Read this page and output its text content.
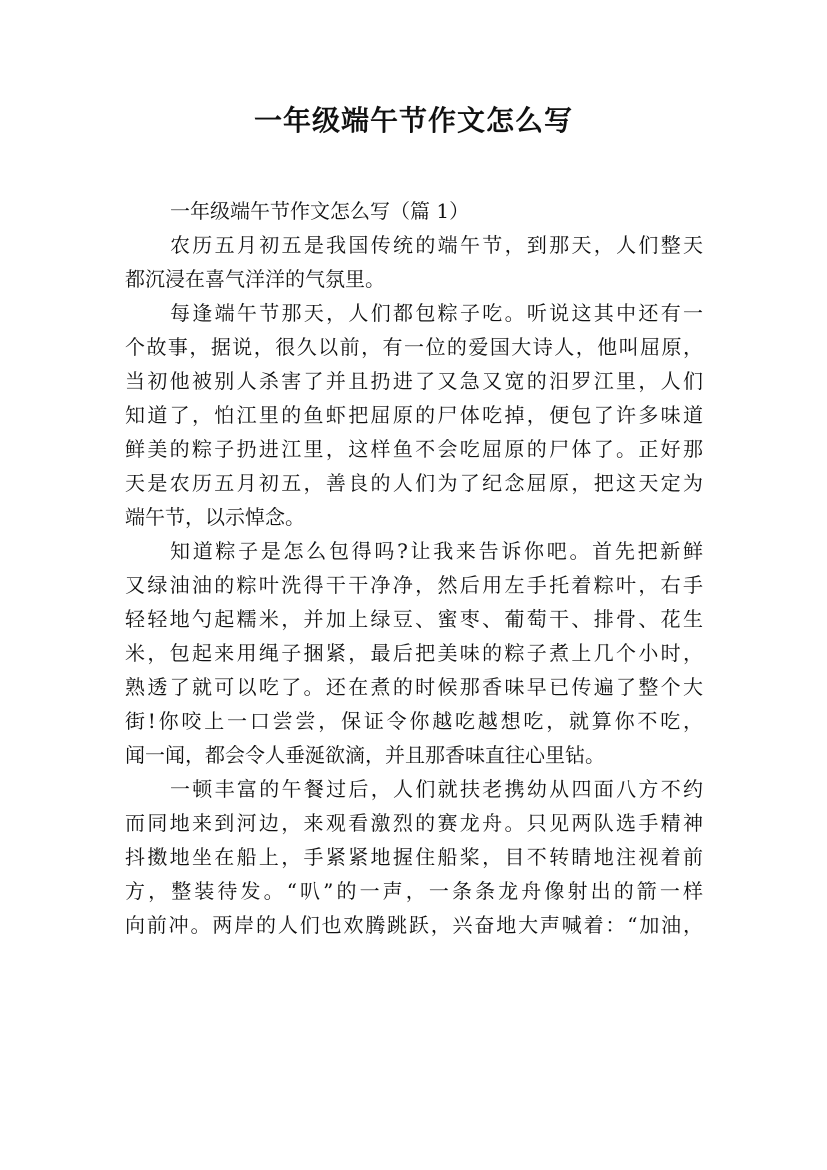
一年级端午节作文怎么写
一年级端午节作文怎么写（篇 1）
农历五月初五是我国传统的端午节，到那天，人们整天
都沉浸在喜气洋洋的气氛里。
每逢端午节那天，人们都包粽子吃。听说这其中还有一
个故事，据说，很久以前，有一位的爱国大诗人，他叫屈原，
当初他被别人杀害了并且扔进了又急又宽的汨罗江里，人们
知道了，怕江里的鱼虾把屈原的尸体吃掉，便包了许多味道
鲜美的粽子扔进江里，这样鱼不会吃屈原的尸体了。正好那
天是农历五月初五，善良的人们为了纪念屈原，把这天定为
端午节，以示悼念。
知道粽子是怎么包得吗?让我来告诉你吧。首先把新鲜
又绿油油的粽叶洗得干干净净，然后用左手托着粽叶，右手
轻轻地勺起糯米，并加上绿豆、蜜枣、葡萄干、排骨、花生
米，包起来用绳子捆紧，最后把美味的粽子煮上几个小时，
熟透了就可以吃了。还在煮的时候那香味早已传遍了整个大
街!你咬上一口尝尝，保证令你越吃越想吃，就算你不吃，
闻一闻，都会令人垂涎欲滴，并且那香味直往心里钻。
一顿丰富的午餐过后，人们就扶老携幼从四面八方不约
而同地来到河边，来观看激烈的赛龙舟。只见两队选手精神
抖擞地坐在船上，手紧紧地握住船桨，目不转睛地注视着前
方，整装待发。“叭”的一声，一条条龙舟像射出的箭一样
向前冲。两岸的人们也欢腾跳跃，兴奋地大声喊着：“加油，
